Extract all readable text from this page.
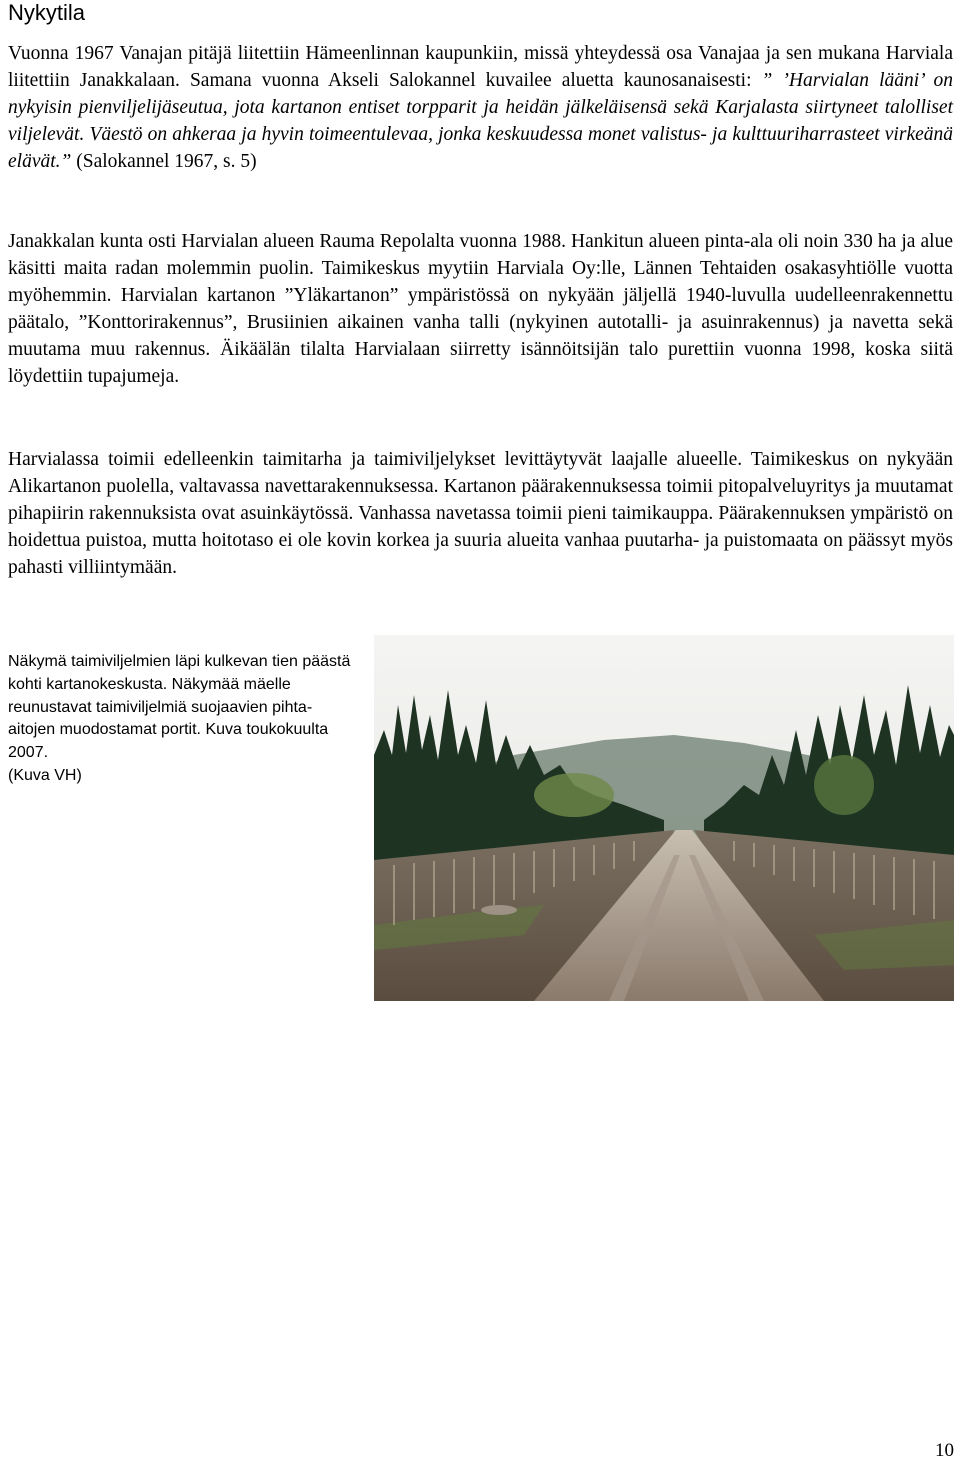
Nykytila

Vuonna 1967 Vanajan pitäjä liitettiin Hämeenlinnan kaupunkiin, missä yhteydessä osa Vanajaa ja sen mukana Harviala liitettiin Janakkalaan. Samana vuonna Akseli Salokannel kuvailee aluetta kaunosanaisesti: ” ’Harvialan lääni’ on nykyisin pienviljelijäseutua, jota kartanon entiset torpparit ja heidän jälkeläisensä sekä Karjalasta siirtyneet talolliset viljelevät. Väestö on ahkeraa ja hyvin toimeentulevaa, jonka keskuudessa monet valistus- ja kulttuuriharrasteet virkeänä elävät.” (Salokannel 1967, s. 5)

Janakkalan kunta osti Harvialan alueen Rauma Repolalta vuonna 1988. Hankitun alueen pinta-ala oli noin 330 ha ja alue käsitti maita radan molemmin puolin. Taimikeskus myytiin Harviala Oy:lle, Lännen Tehtaiden osakasyhtiölle vuotta myöhemmin. Harvialan kartanon ”Yläkartanon” ympäristössä on nykyään jäljellä 1940-luvulla uudelleenrakennettu päätalo, ”Konttorirakennus”, Brusiinien aikainen vanha talli (nykyinen autotalli- ja asuinrakennus) ja navetta sekä muutama muu rakennus. Äikäälän tilalta Harvialaan siirretty isännöitsijän talo purettiin vuonna 1998, koska siitä löydettiin tupajumeja.

Harvialassa toimii edelleenkin taimitarha ja taimiviljelykset levittäytyvät laajalle alueelle. Taimikeskus on nykyään Alikartanon puolella, valtavassa navettarakennuksessa. Kartanon päärakennuksessa toimii pitopalveluyritys ja muutamat pihapiirin rakennuksista ovat asuinkäytössä. Vanhassa navetassa toimii pieni taimikauppa. Päärakennuksen ympäristö on hoidettua puistoa, mutta hoitotaso ei ole kovin korkea ja suuria alueita vanhaa puutarha- ja puistomaata on päässyt myös pahasti villiintymään.

Näkymä taimiviljelmien läpi kulkevan tien päästä kohti kartanokeskusta. Näkymää mäelle reunustavat taimiviljelmiä suojaavien pihta-aitojen muodostamat portit. Kuva toukokuulta 2007.
(Kuva VH)
10
